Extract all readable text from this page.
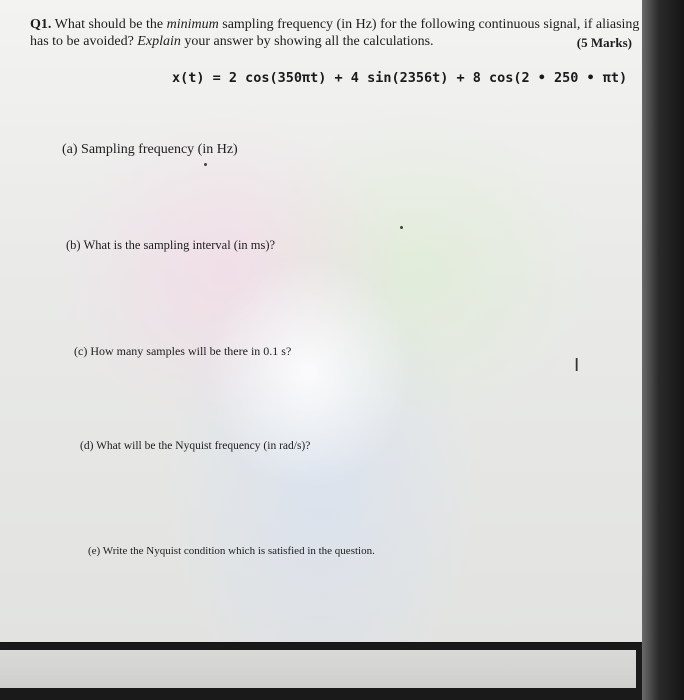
Q1. What should be the minimum sampling frequency (in Hz) for the following continuous signal, if aliasing
has to be avoided? Explain your answer by showing all the calculations.	(5 Marks)
x(t) = 2 cos(350πt) + 4 sin(2356t) + 8 cos(2 • 250 • πt)
(a) Sampling frequency (in Hz)
(b) What is the sampling interval (in ms)?
(c) How many samples will be there in 0.1 s?
(d) What will be the Nyquist frequency (in rad/s)?
(e) Write the Nyquist condition which is satisfied in the question.
Ⅰ
